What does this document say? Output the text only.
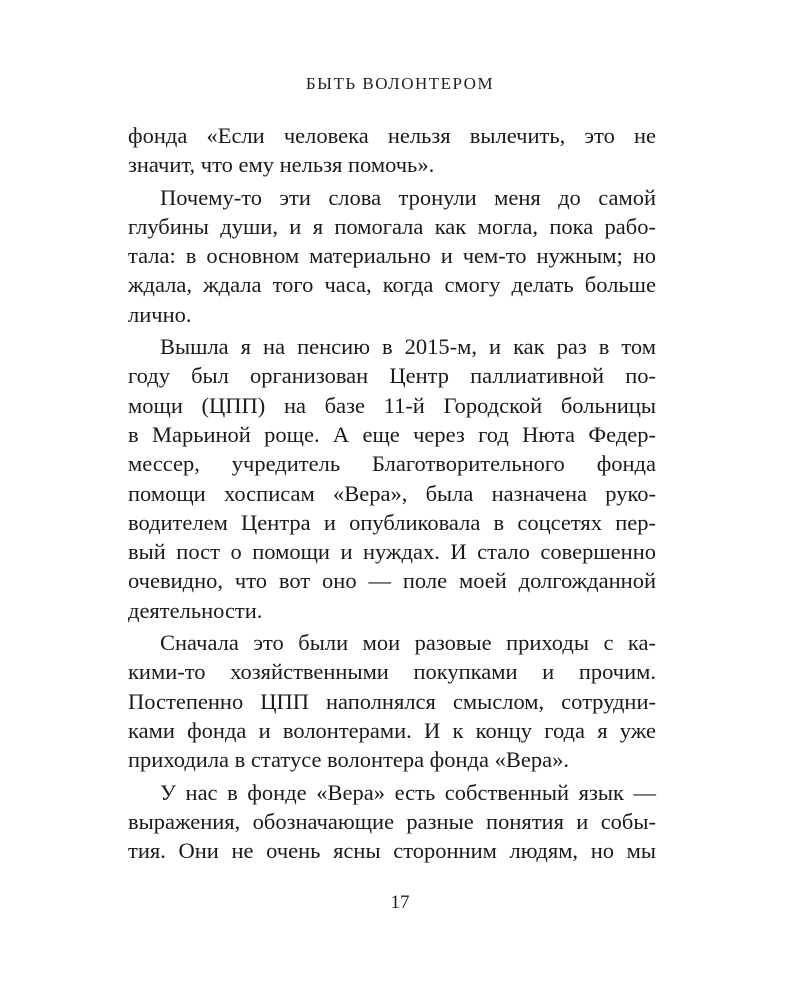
БЫТЬ ВОЛОНТЕРОМ
фонда «Если человека нельзя вылечить, это не
значит, что ему нельзя помочь».
Почему-то эти слова тронули меня до самой
глубины души, и я помогала как могла, пока рабо-
тала: в основном материально и чем-то нужным; но
ждала, ждала того часа, когда смогу делать больше
лично.
Вышла я на пенсию в 2015-м, и как раз в том
году был организован Центр паллиативной по-
мощи (ЦПП) на базе 11-й Городской больницы
в Марьиной роще. А еще через год Нюта Федер-
мессер, учредитель Благотворительного фонда
помощи хосписам «Вера», была назначена руко-
водителем Центра и опубликовала в соцсетях пер-
вый пост о помощи и нуждах. И стало совершенно
очевидно, что вот оно — поле моей долгожданной
деятельности.
Сначала это были мои разовые приходы с ка-
кими-то хозяйственными покупками и прочим.
Постепенно ЦПП наполнялся смыслом, сотрудни-
ками фонда и волонтерами. И к концу года я уже
приходила в статусе волонтера фонда «Вера».
У нас в фонде «Вера» есть собственный язык —
выражения, обозначающие разные понятия и собы-
тия. Они не очень ясны сторонним людям, но мы
17
